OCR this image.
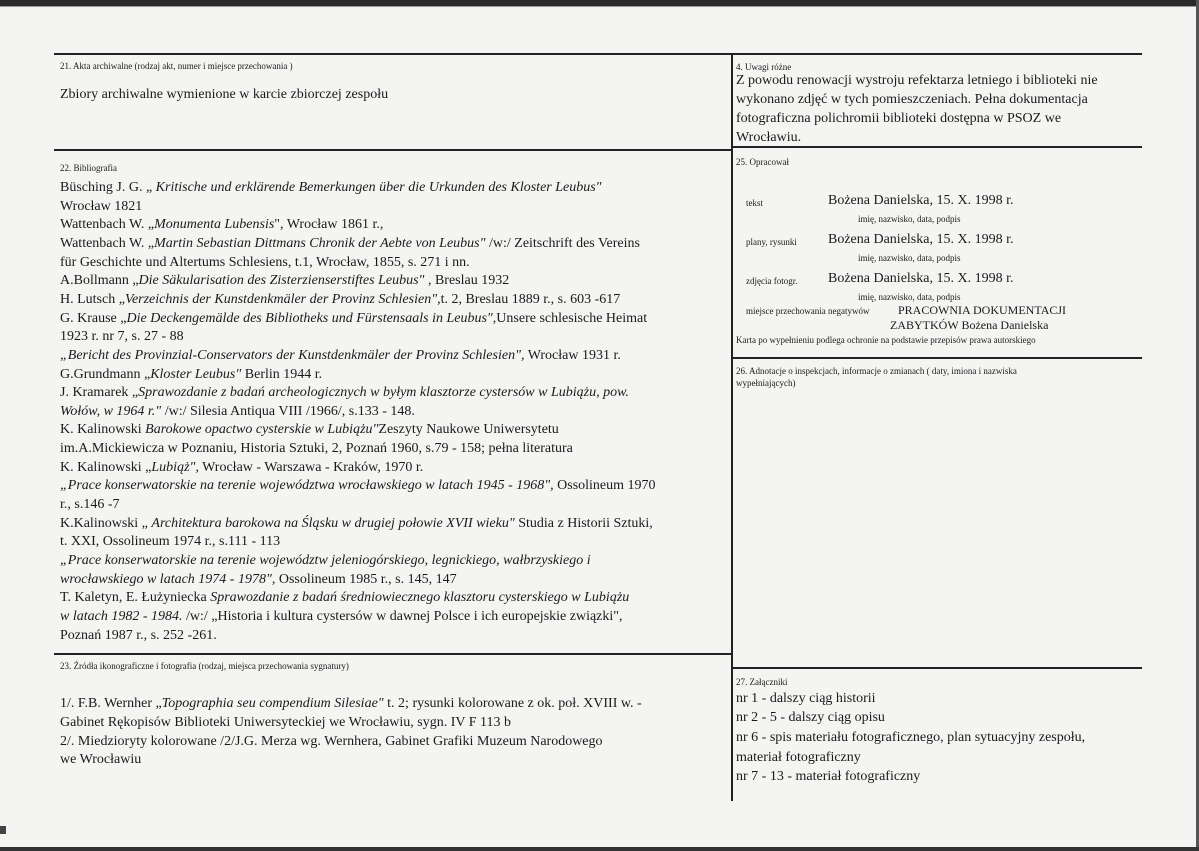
21. Akta archiwalne (rodzaj akt, numer i miejsce przechowania )
Zbiory archiwalne wymienione w karcie zbiorczej zespołu
4. Uwagi różne
Z powodu renowacji wystroju refektarza letniego i biblioteki nie
wykonano zdjęć w tych pomieszczeniach. Pełna dokumentacja
fotograficzna polichromii biblioteki dostępna w PSOZ we
Wrocławiu.
22. Bibliografia
Büsching J. G. „ Kritische und erklärende Bemerkungen über die Urkunden des Kloster Leubus"
Wrocław 1821
Wattenbach W. „Monumenta Lubensis", Wrocław 1861 r.,
Wattenbach W. „Martin Sebastian Dittmans Chronik der Aebte von Leubus" /w:/ Zeitschrift des Vereins
für Geschichte und Altertums Schlesiens, t.1, Wrocław, 1855, s. 271 i nn.
A.Bollmann „Die Säkularisation des Zisterzienserstiftes Leubus" , Breslau 1932
H. Lutsch „Verzeichnis der Kunstdenkmäler der Provinz Schlesien",t. 2, Breslau 1889 r., s. 603 -617
G. Krause „Die Deckengemälde des Bibliotheks und Fürstensaals in Leubus",Unsere schlesische Heimat
1923 r. nr 7, s. 27 - 88
„Bericht des Provinzial-Conservators der Kunstdenkmäler der Provinz Schlesien", Wrocław 1931 r.
G.Grundmann „Kloster Leubus" Berlin 1944 r.
J. Kramarek „Sprawozdanie z badań archeologicznych w byłym klasztorze cystersów w Lubiążu, pow.
Wołów, w 1964 r." /w:/ Silesia Antiqua VIII /1966/, s.133 - 148.
K. Kalinowski Barokowe opactwo cysterskie w Lubiążu"Zeszyty Naukowe Uniwersytetu
im.A.Mickiewicza w Poznaniu, Historia Sztuki, 2, Poznań 1960, s.79 - 158; pełna literatura
K. Kalinowski „Lubiąż", Wrocław - Warszawa - Kraków, 1970 r.
„Prace konserwatorskie na terenie województwa wrocławskiego w latach 1945 - 1968", Ossolineum 1970
r., s.146 -7
K.Kalinowski „ Architektura barokowa na Śląsku w drugiej połowie XVII wieku" Studia z Historii Sztuki,
t. XXI, Ossolineum 1974 r., s.111 - 113
„Prace konserwatorskie na terenie województw jeleniogórskiego, legnickiego, wałbrzyskiego i
wrocławskiego w latach 1974 - 1978", Ossolineum 1985 r., s. 145, 147
T. Kaletyn, E. Łużyniecka Sprawozdanie z badań średniowiecznego klasztoru cysterskiego w Lubiążu
w latach 1982 - 1984. /w:/ „Historia i kultura cystersów w dawnej Polsce i ich europejskie związki",
Poznań 1987 r., s. 252 -261.
25. Opracował
tekst	Bożena Danielska, 15. X. 1998 r.
imię, nazwisko, data, podpis
plany, rysunki Bożena Danielska, 15. X. 1998 r.
imię, nazwisko, data, podpis
zdjęcia fotogr. Bożena Danielska, 15. X. 1998 r.
imię, nazwisko, data, podpis
miejsce przechowania negatywów PRACOWNIA DOKUMENTACJI
ZABYTKÓW Bożena Danielska
Karta po wypełnieniu podlega ochronie na podstawie przepisów prawa autorskiego
26. Adnotacje o inspekcjach, informacje o zmianach ( daty, imiona i nazwiska
wypełniających)
23. Źródła ikonograficzne i fotografia (rodzaj, miejsca przechowania sygnatury)
1/. F.B. Wernher „Topographia seu compendium Silesiae" t. 2; rysunki kolorowane z ok. poł. XVIII w. -
Gabinet Rękopisów Biblioteki Uniwersyteckiej we Wrocławiu, sygn. IV F 113 b
2/. Miedzioryty kolorowane /2/J.G. Merza wg. Wernhera, Gabinet Grafiki Muzeum Narodowego
we Wrocławiu
27. Załączniki
nr 1 - dalszy ciąg historii
nr 2 - 5 - dalszy ciąg opisu
nr 6 - spis materiału fotograficznego, plan sytuacyjny zespołu,
materiał fotograficzny
nr 7 - 13 - materiał fotograficzny
